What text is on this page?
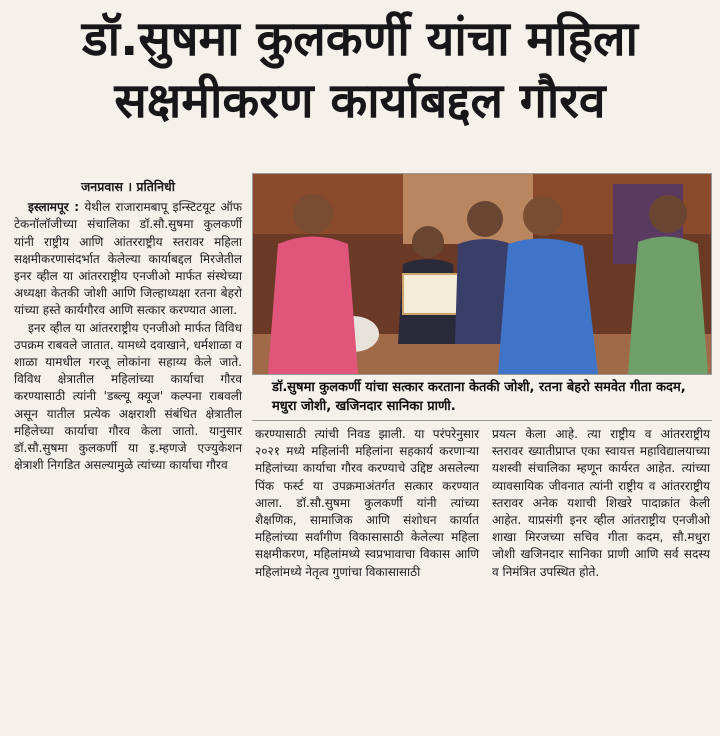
डॉ.सुषमा कुलकर्णी यांचा महिला
सक्षमीकरण कार्याबद्दल गौरव

जनप्रवास । प्रतिनिधी

इस्लामपूर : येथील राजारामबापू इन्स्टिटयूट ऑफ टेकनॉलॉजीच्या संचालिका डॉ.सौ.सुषमा कुलकर्णी यांनी राष्ट्रीय आणि आंतरराष्ट्रीय स्तरावर महिला सक्षमीकरणासंदर्भात केलेल्या कार्याबद्दल मिरजेतील इनर व्हील या आंतरराष्ट्रीय एनजीओ मार्फत संस्थेच्या अध्यक्षा केतकी जोशी आणि जिल्हाध्यक्षा रतना बेहरो यांच्या हस्ते कार्यगौरव आणि सत्कार करण्यात आला.

इनर व्हील या आंतरराष्ट्रीय एनजीओ मार्फत विविध उपक्रम राबवले जातात. यामध्ये दवाखाने, धर्मशाळा व शाळा यामधील गरजू लोकांना सहाय्य केले जाते. विविध क्षेत्रातील महिलांच्या कार्याचा गौरव करण्यासाठी त्यांनी 'डब्ल्यू क्यूज' कल्पना राबवली असून यातील प्रत्येक अक्षराशी संबंधित क्षेत्रातील महिलेच्या कार्याचा गौरव केला जातो. यानुसार डॉ.सौ.सुषमा कुलकर्णी या इ.म्हणजे एज्युकेशन क्षेत्राशी निगडित असल्यामुळे त्यांच्या कार्याचा गौरव

डॉ.सुषमा कुलकर्णी यांचा सत्कार करताना केतकी जोशी, रतना बेहरो समवेत गीता कदम, मधुरा जोशी, खजिनदार सानिका प्राणी.

करण्यासाठी त्यांची निवड झाली. या परंपरेनुसार २०२१ मध्ये महिलांनी महिलांना सहकार्य करणाऱ्या महिलांच्या कार्याचा गौरव करण्याचे उद्दिष्ट असलेल्या पिंक फर्स्ट या उपक्रमाअंतर्गत सत्कार करण्यात आला. डॉ.सौ.सुषमा कुलकर्णी यांनी त्यांच्या शैक्षणिक, सामाजिक आणि संशोधन कार्यात महिलांच्या सर्वांगीण विकासासाठी केलेल्या महिला सक्षमीकरण, महिलांमध्ये स्वप्रभावाचा विकास आणि महिलांमध्ये नेतृत्व गुणांचा विकासासाठी

प्रयत्न केला आहे. त्या राष्ट्रीय व आंतरराष्ट्रीय स्तरावर ख्यातीप्राप्त एका स्वायत्त महाविद्यालयाच्या यशस्वी संचालिका म्हणून कार्यरत आहेत. त्यांच्या व्यावसायिक जीवनात त्यांनी राष्ट्रीय व आंतरराष्ट्रीय स्तरावर अनेक यशाची शिखरे पादाक्रांत केली आहेत. याप्रसंगी इनर व्हील आंतराष्ट्रीय एनजीओ शाखा मिरजच्या सचिव गीता कदम, सौ.मधुरा जोशी खजिनदार सानिका प्राणी आणि सर्व सदस्य व निमंत्रित उपस्थित होते.
